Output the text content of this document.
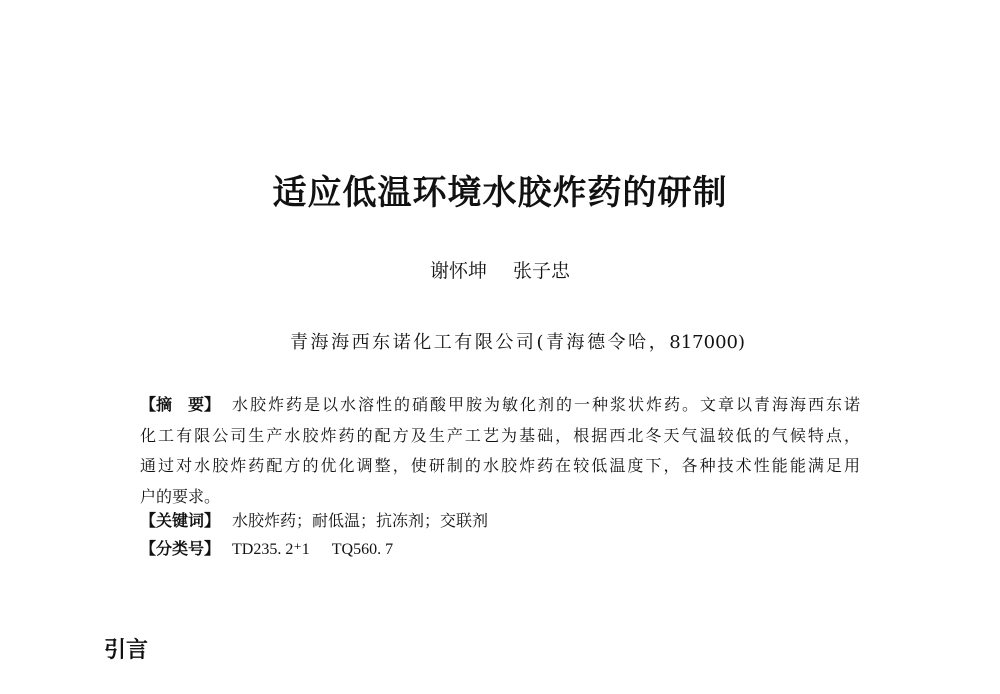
适应低温环境水胶炸药的研制
谢怀坤 张子忠
青海海西东诺化工有限公司(青海德令哈，817000)
【摘　要】 水胶炸药是以水溶性的硝酸甲胺为敏化剂的一种浆状炸药。文章以青海海西东诺
化工有限公司生产水胶炸药的配方及生产工艺为基础，根据西北冬天气温较低的气候特点，
通过对水胶炸药配方的优化调整，使研制的水胶炸药在较低温度下，各种技术性能能满足用
户的要求。
【关键词】 水胶炸药；耐低温；抗冻剂；交联剂
【分类号】 TD235. 2⁺1 TQ560. 7
引言
